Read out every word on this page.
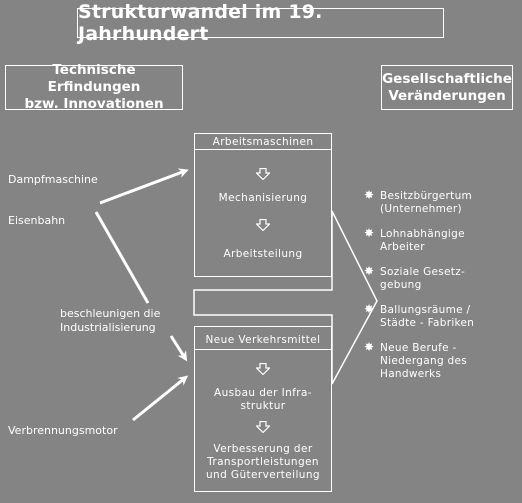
Strukturwandel im 19. Jahrhundert
Technische Erfindungen
bzw. Innovationen
Gesellschaftliche
Veränderungen
Dampfmaschine
Eisenbahn
beschleunigen die
Industrialisierung
Verbrennungsmotor
Arbeitsmaschinen
Mechanisierung
Arbeitsteilung
Neue Verkehrsmittel
Ausbau der Infra-
struktur
Verbesserung der
Transportleistungen
und Güterverteilung
✸ Besitzbürgertum
(Unternehmer)
✸ Lohnabhängige
Arbeiter
✸ Soziale Gesetz-
gebung
✸ Ballungsräume /
Städte - Fabriken
✸ Neue Berufe -
Niedergang des
Handwerks
